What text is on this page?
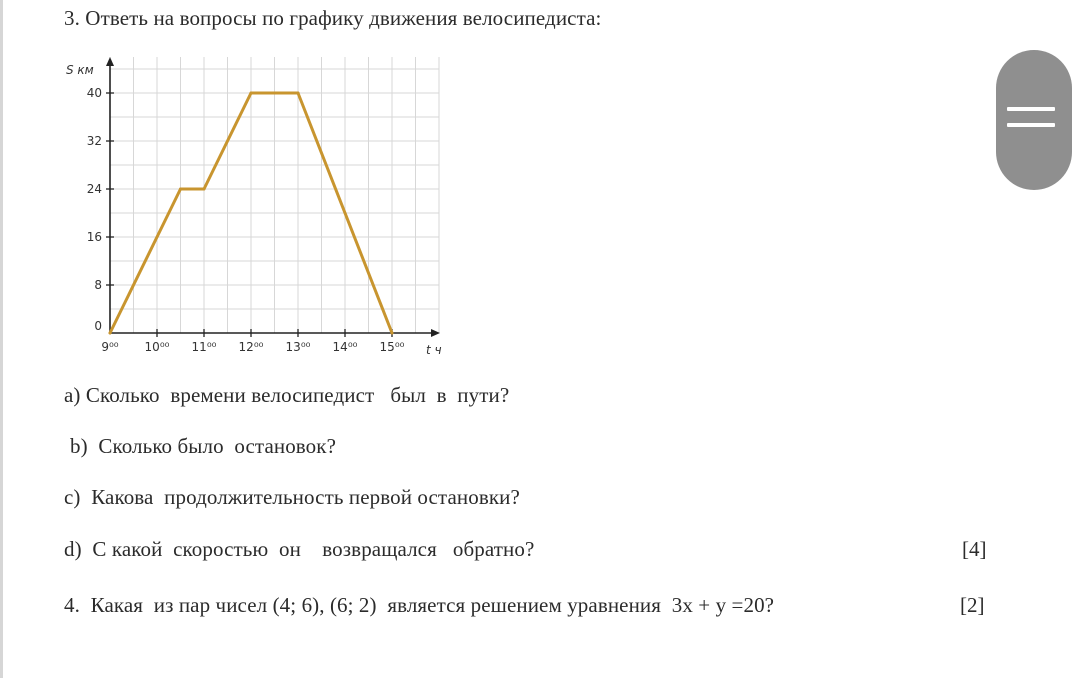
3. Ответь на вопросы по графику движения велосипедиста:
0
8
16
24
32
40
9⁰⁰ 10⁰⁰ 11⁰⁰ 12⁰⁰ 13⁰⁰ 14⁰⁰ 15⁰⁰
S км
t ч
а) Сколько  времени велосипедист   был  в  пути?
b)  Сколько было  остановок?
c)  Какова  продолжительность первой остановки?
d)  С какой  скоростью  он    возвращался   обратно?	[4]
4.  Какая  из пар чисел (4; 6), (6; 2)  является решением уравнения  3x + y =20?	[2]
